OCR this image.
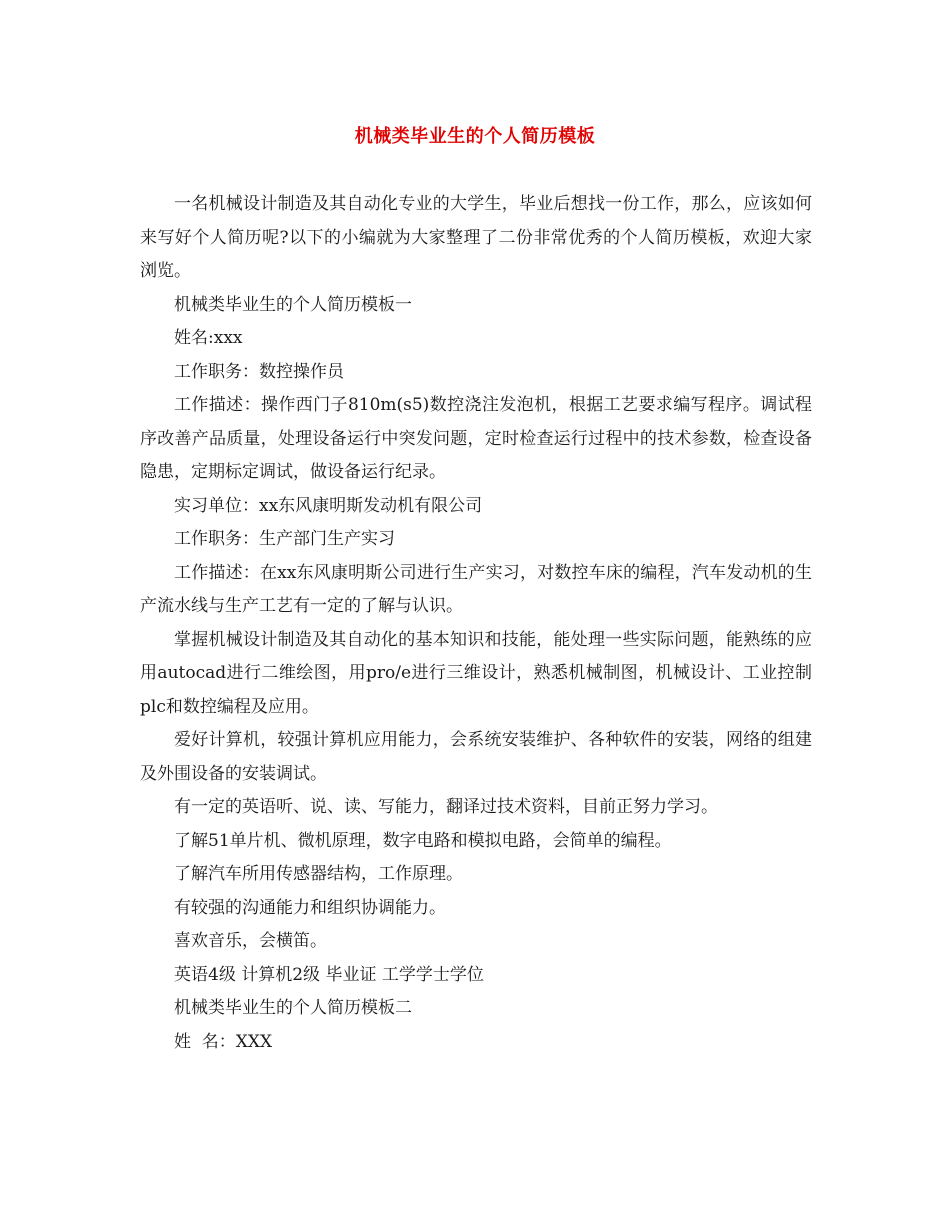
机械类毕业生的个人简历模板

一名机械设计制造及其自动化专业的大学生，毕业后想找一份工作，那么，应该如何来写好个人简历呢?以下的小编就为大家整理了二份非常优秀的个人简历模板，欢迎大家浏览。

机械类毕业生的个人简历模板一

姓名:xxx

工作职务：数控操作员

工作描述：操作西门子810m(s5)数控浇注发泡机，根据工艺要求编写程序。调试程序改善产品质量，处理设备运行中突发问题，定时检查运行过程中的技术参数，检查设备隐患，定期标定调试，做设备运行纪录。

实习单位：xx东风康明斯发动机有限公司

工作职务：生产部门生产实习

工作描述：在xx东风康明斯公司进行生产实习，对数控车床的编程，汽车发动机的生产流水线与生产工艺有一定的了解与认识。

掌握机械设计制造及其自动化的基本知识和技能，能处理一些实际问题，能熟练的应用autocad进行二维绘图，用pro/e进行三维设计，熟悉机械制图，机械设计、工业控制plc和数控编程及应用。

爱好计算机，较强计算机应用能力，会系统安装维护、各种软件的安装，网络的组建及外围设备的安装调试。

有一定的英语听、说、读、写能力，翻译过技术资料，目前正努力学习。

了解51单片机、微机原理，数字电路和模拟电路，会简单的编程。

了解汽车所用传感器结构，工作原理。

有较强的沟通能力和组织协调能力。

喜欢音乐，会横笛。

英语4级 计算机2级 毕业证 工学学士学位

机械类毕业生的个人简历模板二

姓  名：XXX
